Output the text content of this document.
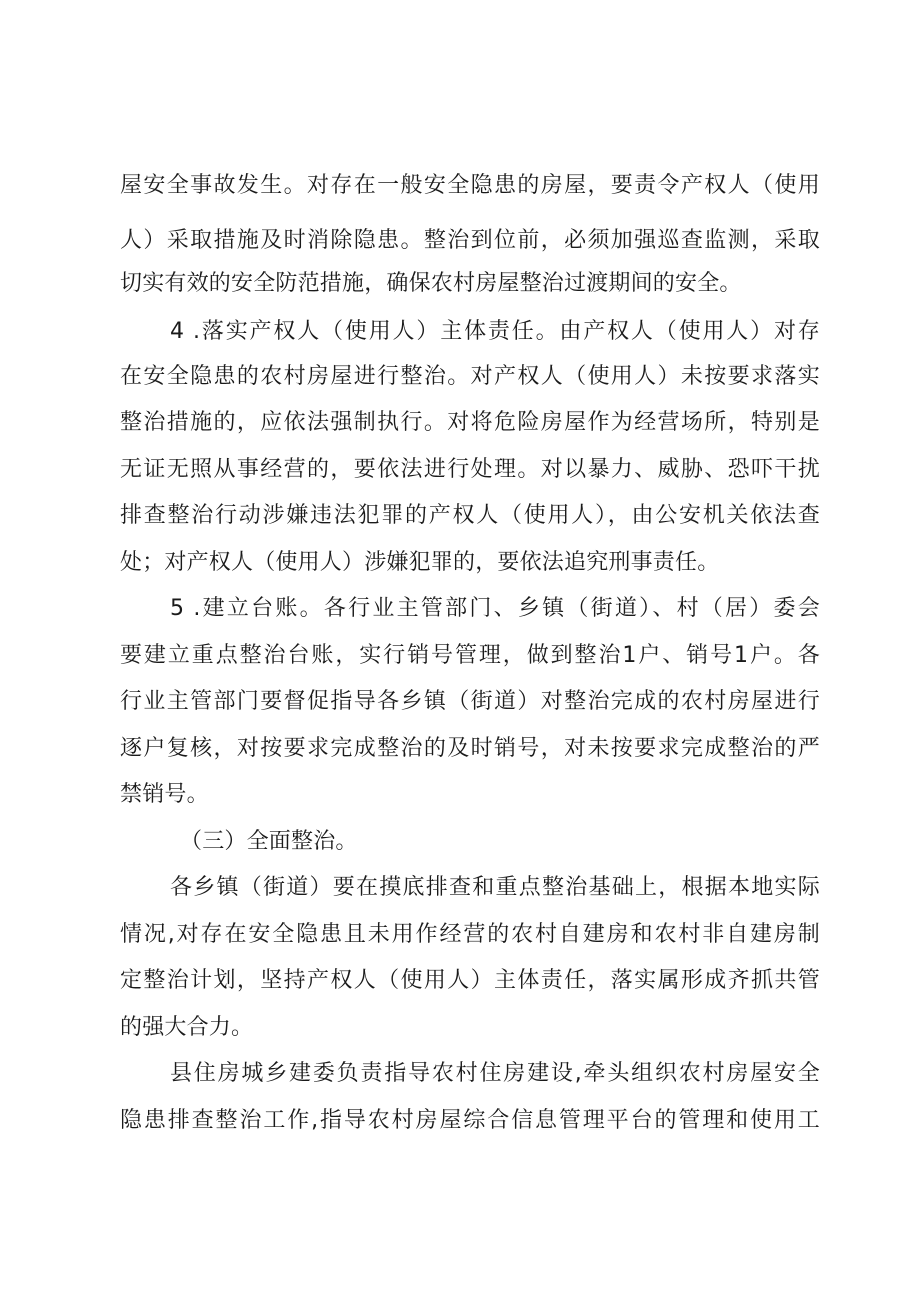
屋安全事故发生。对存在一般安全隐患的房屋，要责令产权人（使用
人）采取措施及时消除隐患。整治到位前，必须加强巡查监测，采取
切实有效的安全防范措施，确保农村房屋整治过渡期间的安全。
4 .落实产权人（使用人）主体责任。由产权人（使用人）对存
在安全隐患的农村房屋进行整治。对产权人（使用人）未按要求落实
整治措施的，应依法强制执行。对将危险房屋作为经营场所，特别是
无证无照从事经营的，要依法进行处理。对以暴力、威胁、恐吓干扰
排查整治行动涉嫌违法犯罪的产权人（使用人），由公安机关依法查
处；对产权人（使用人）涉嫌犯罪的，要依法追究刑事责任。
5 .建立台账。各行业主管部门、乡镇（街道）、村（居）委会
要建立重点整治台账，实行销号管理，做到整治1户、销号1户。各
行业主管部门要督促指导各乡镇（街道）对整治完成的农村房屋进行
逐户复核，对按要求完成整治的及时销号，对未按要求完成整治的严
禁销号。
（三）全面整治。
各乡镇（街道）要在摸底排查和重点整治基础上，根据本地实际
情况,对存在安全隐患且未用作经营的农村自建房和农村非自建房制
定整治计划，坚持产权人（使用人）主体责任，落实属形成齐抓共管
的强大合力。
县住房城乡建委负责指导农村住房建设,牵头组织农村房屋安全
隐患排查整治工作,指导农村房屋综合信息管理平台的管理和使用工
